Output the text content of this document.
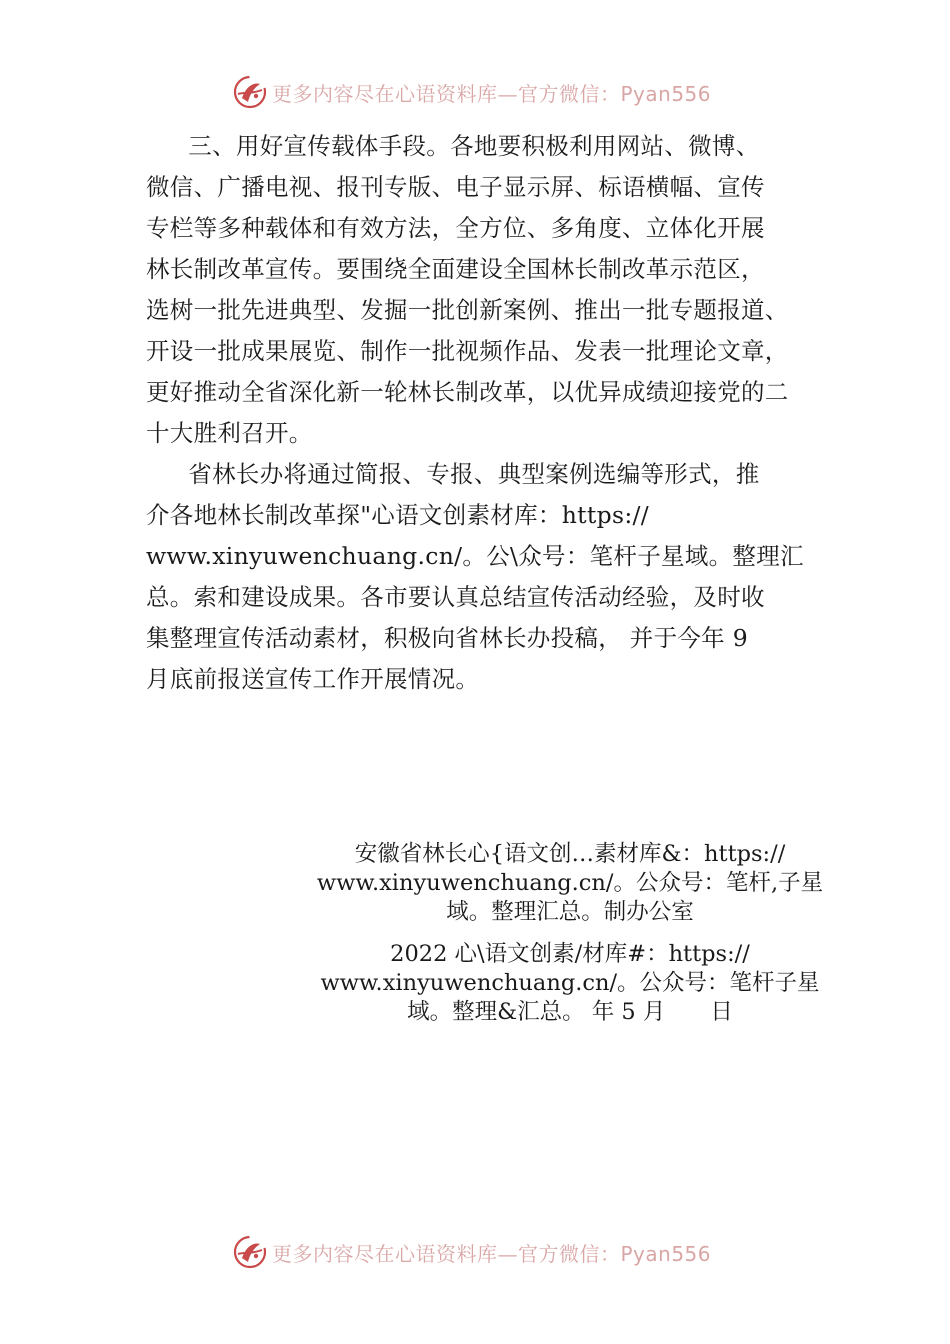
更多内容尽在心语资料库—官方微信：Pyan556

三、用好宣传载体手段。各地要积极利用网站、微博、
微信、广播电视、报刊专版、电子显示屏、标语横幅、宣传
专栏等多种载体和有效方法，全方位、多角度、立体化开展
林长制改革宣传。要围绕全面建设全国林长制改革示范区，
选树一批先进典型、发掘一批创新案例、推出一批专题报道、
开设一批成果展览、制作一批视频作品、发表一批理论文章，
更好推动全省深化新一轮林长制改革，以优异成绩迎接党的二
十大胜利召开。

省林长办将通过简报、专报、典型案例选编等形式，推
介各地林长制改革探"心语文创素材库：https://
www.xinyuwenchuang.cn/。公\众号：笔杆子星域。整理汇
总。索和建设成果。各市要认真总结宣传活动经验，及时收
集整理宣传活动素材，积极向省林长办投稿， 并于今年 9
月底前报送宣传工作开展情况。

安徽省林长心{语文创…素材库&：https://
www.xinyuwenchuang.cn/。公众号：笔杆,子星
域。整理汇总。制办公室
2022 心\语文创素/材库#：https://
www.xinyuwenchuang.cn/。公众号：笔杆子星
域。整理&汇总。 年 5 月　　日
更多内容尽在心语资料库—官方微信：Pyan556
